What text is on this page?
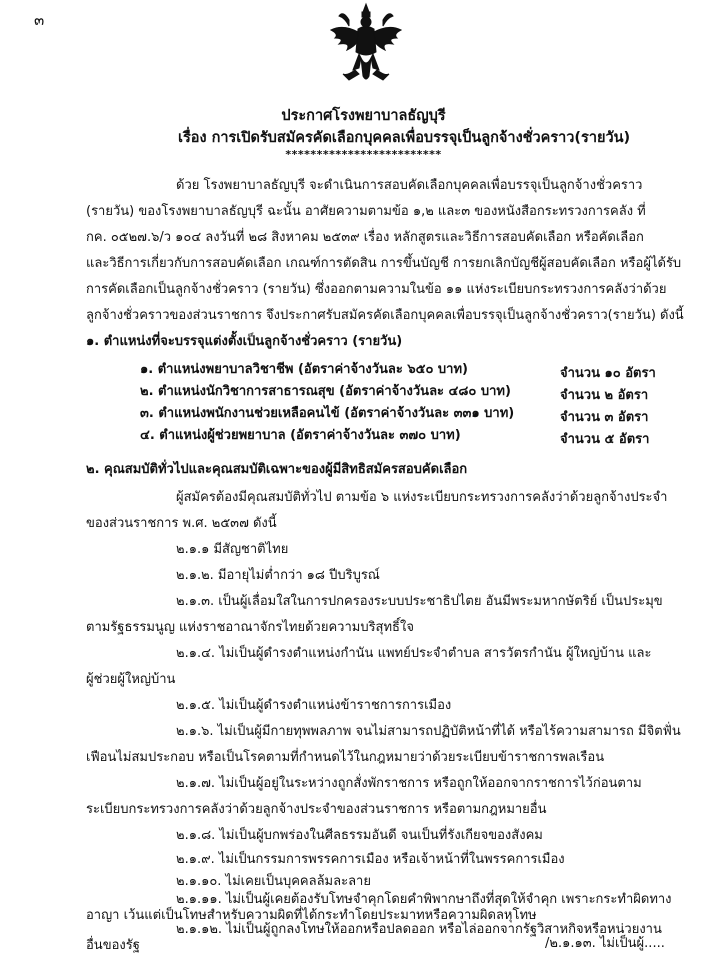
๓
ประกาศโรงพยาบาลธัญบุรี
เรื่อง การเปิดรับสมัครคัดเลือกบุคคลเพื่อบรรจุเป็นลูกจ้างชั่วคราว(รายวัน)
*************************
ด้วย โรงพยาบาลธัญบุรี จะดำเนินการสอบคัดเลือกบุคคลเพื่อบรรจุเป็นลูกจ้างชั่วคราว
(รายวัน) ของโรงพยาบาลธัญบุรี ฉะนั้น อาศัยความตามข้อ ๑,๒ และ๓ ของหนังสือกระทรวงการคลัง ที่
กค. ๐๕๒๗.๖/ว ๑๐๔ ลงวันที่ ๒๘ สิงหาคม ๒๕๓๙ เรื่อง หลักสูตรและวิธีการสอบคัดเลือก หรือคัดเลือก
และวิธีการเกี่ยวกับการสอบคัดเลือก เกณฑ์การตัดสิน การขึ้นบัญชี การยกเลิกบัญชีผู้สอบคัดเลือก หรือผู้ได้รับ
การคัดเลือกเป็นลูกจ้างชั่วคราว (รายวัน) ซึ่งออกตามความในข้อ ๑๑ แห่งระเบียบกระทรวงการคลังว่าด้วย
ลูกจ้างชั่วคราวของส่วนราชการ จึงประกาศรับสมัครคัดเลือกบุคคลเพื่อบรรจุเป็นลูกจ้างชั่วคราว(รายวัน) ดังนี้
๑. ตำแหน่งที่จะบรรจุแต่งตั้งเป็นลูกจ้างชั่วคราว (รายวัน)
๑. ตำแหน่งพยาบาลวิชาชีพ (อัตราค่าจ้างวันละ ๖๕๐ บาท)	จำนวน ๑๐ อัตรา
๒. ตำแหน่งนักวิชาการสาธารณสุข (อัตราค่าจ้างวันละ ๔๘๐ บาท)	จำนวน ๒ อัตรา
๓. ตำแหน่งพนักงานช่วยเหลือคนไข้ (อัตราค่าจ้างวันละ ๓๓๑ บาท)	จำนวน ๓ อัตรา
๔. ตำแหน่งผู้ช่วยพยาบาล (อัตราค่าจ้างวันละ ๓๗๐ บาท)	จำนวน ๕ อัตรา
๒. คุณสมบัติทั่วไปและคุณสมบัติเฉพาะของผู้มีสิทธิสมัครสอบคัดเลือก
ผู้สมัครต้องมีคุณสมบัติทั่วไป ตามข้อ ๖ แห่งระเบียบกระทรวงการคลังว่าด้วยลูกจ้างประจำ
ของส่วนราชการ พ.ศ. ๒๕๓๗ ดังนี้
๒.๑.๑ มีสัญชาติไทย
๒.๑.๒. มีอายุไม่ต่ำกว่า ๑๘ ปีบริบูรณ์
๒.๑.๓. เป็นผู้เลื่อมใสในการปกครองระบบประชาธิปไตย อันมีพระมหากษัตริย์ เป็นประมุข
ตามรัฐธรรมนูญ แห่งราชอาณาจักรไทยด้วยความบริสุทธิ์ใจ
๒.๑.๔. ไม่เป็นผู้ดำรงตำแหน่งกำนัน แพทย์ประจำตำบล สารวัตรกำนัน ผู้ใหญ่บ้าน และ
ผู้ช่วยผู้ใหญ่บ้าน
๒.๑.๕. ไม่เป็นผู้ดำรงตำแหน่งข้าราชการการเมือง
๒.๑.๖. ไม่เป็นผู้มีกายทุพพลภาพ จนไม่สามารถปฏิบัติหน้าที่ได้ หรือไร้ความสามารถ มีจิตฟั่น
เฟือนไม่สมประกอบ หรือเป็นโรคตามที่กำหนดไว้ในกฎหมายว่าด้วยระเบียบข้าราชการพลเรือน
๒.๑.๗. ไม่เป็นผู้อยู่ในระหว่างถูกสั่งพักราชการ หรือถูกให้ออกจากราชการไว้ก่อนตาม
ระเบียบกระทรวงการคลังว่าด้วยลูกจ้างประจำของส่วนราชการ หรือตามกฎหมายอื่น
๒.๑.๘. ไม่เป็นผู้บกพร่องในศีลธรรมอันดี จนเป็นที่รังเกียจของสังคม
๒.๑.๙. ไม่เป็นกรรมการพรรคการเมือง หรือเจ้าหน้าที่ในพรรคการเมือง
๒.๑.๑๐. ไม่เคยเป็นบุคคลล้มละลาย
๒.๑.๑๑. ไม่เป็นผู้เคยต้องรับโทษจำคุกโดยคำพิพากษาถึงที่สุดให้จำคุก เพราะกระทำผิดทาง
อาญา เว้นแต่เป็นโทษสำหรับความผิดที่ได้กระทำโดยประมาทหรือความผิดลหุโทษ
๒.๑.๑๒. ไม่เป็นผู้ถูกลงโทษให้ออกหรือปลดออก หรือไล่ออกจากรัฐวิสาหกิจหรือหน่วยงาน
อื่นของรัฐ	/๒.๑.๑๓. ไม่เป็นผู้.....
